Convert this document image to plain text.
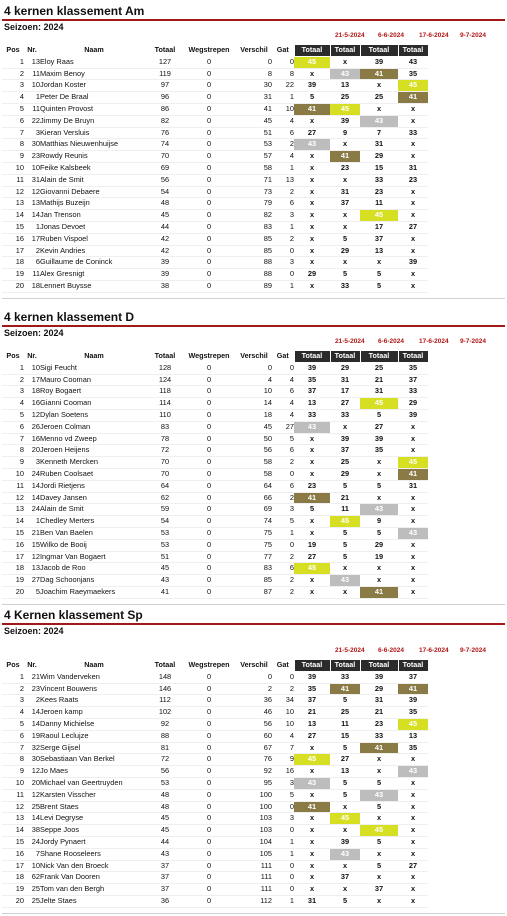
4 kernen klassement Am
Seizoen: 2024
21-5-2024 6-6-2024 17-6-2024 9-7-2024
Pos	Nr.	Naam	Totaal	Wegstrepen	Verschil	Gat	Totaal	Totaal	Totaal	Totaal
1	13	Eloy Raas	127	0	0	0	45	x	39	43
2	11	Maxim Benoy	119	0	8	8	x	43	41	35
3	10	Jordan Koster	97	0	30	22	39	13	x	45
4	1	Peter De Braal	96	0	31	1	5	25	25	41
5	11	Quinten Provost	86	0	41	10	41	45	x	x
6	22	Jimmy De Bruyn	82	0	45	4	x	39	43	x
7	3	Kieran Versluis	76	0	51	6	27	9	7	33
8	30	Matthias Nieuwenhuijse	74	0	53	2	43	x	31	x
9	23	Rowdy Reunis	70	0	57	4	x	41	29	x
10	10	Feike Kalsbeek	69	0	58	1	x	23	15	31
11	31	Alain de Smit	56	0	71	13	x	x	33	23
12	12	Giovanni Debaere	54	0	73	2	x	31	23	x
13	13	Mathijs Buzeijn	48	0	79	6	x	37	11	x
14	14	Jan Trenson	45	0	82	3	x	x	45	x
15	1	Jonas Devoet	44	0	83	1	x	x	17	27
16	17	Ruben Vispoel	42	0	85	2	x	5	37	x
17	2	Kevin Andries	42	0	85	0	x	29	13	x
18	6	Guillaume de Coninck	39	0	88	3	x	x	x	39
19	11	Alex Gresnigt	39	0	88	0	29	5	5	x
20	18	Lennert Buysse	38	0	89	1	x	33	5	x
4 kernen klassement D
Seizoen: 2024
21-5-2024 6-6-2024 17-6-2024 9-7-2024
Pos	Nr.	Naam	Totaal	Wegstrepen	Verschil	Gat	Totaal	Totaal	Totaal	Totaal
1	10	Sigi Feucht	128	0	0	0	39	29	25	35
2	17	Mauro Cooman	124	0	4	4	35	31	21	37
3	18	Roy Bogaert	118	0	10	6	37	17	31	33
4	16	Gianni Cooman	114	0	14	4	13	27	45	29
5	12	Dylan Soetens	110	0	18	4	33	33	5	39
6	26	Jeroen Colman	83	0	45	27	43	x	27	x
7	16	Menno vd Zweep	78	0	50	5	x	39	39	x
8	20	Jeroen Heijens	72	0	56	6	x	37	35	x
9	3	Kenneth Mercken	70	0	58	2	x	25	x	45
10	24	Ruben Coolsaet	70	0	58	0	x	29	x	41
11	14	Jordi Rietjens	64	0	64	6	23	5	5	31
12	14	Davey Jansen	62	0	66	2	41	21	x	x
13	24	Alain de Smit	59	0	69	3	5	11	43	x
14	1	Chedley Merters	54	0	74	5	x	45	9	x
15	21	Ben Van Baelen	53	0	75	1	x	5	5	43
16	15	Wilko de Booij	53	0	75	0	19	5	29	x
17	12	Ingmar Van Bogaert	51	0	77	2	27	5	19	x
18	13	Jacob de Roo	45	0	83	6	45	x	x	x
19	27	Dag Schoonjans	43	0	85	2	x	43	x	x
20	5	Joachim Raeymaekers	41	0	87	2	x	x	41	x
4 Kernen klassement Sp
Seizoen: 2024
21-5-2024 6-6-2024 17-6-2024 9-7-2024
Pos	Nr.	Naam	Totaal	Wegstrepen	Verschil	Gat	Totaal	Totaal	Totaal	Totaal
1	21	Wim Vanderveken	148	0	0	0	39	33	39	37
2	23	Vincent Bouwens	146	0	2	2	35	41	29	41
3	2	Kees Raats	112	0	36	34	37	5	31	39
4	14	Jeroen kamp	102	0	46	10	21	25	21	35
5	14	Danny Michielse	92	0	56	10	13	11	23	45
6	19	Raoul Leclujze	88	0	60	4	27	15	33	13
7	32	Serge Gijsel	81	0	67	7	x	5	41	35
8	30	Sebastiaan Van Berkel	72	0	76	9	45	27	x	x
9	12	Jo Maes	56	0	92	16	x	13	x	43
10	20	Michael van Geertruyden	53	0	95	3	43	5	5	x
11	12	Karsten Visscher	48	0	100	5	x	5	43	x
12	25	Brent Staes	48	0	100	0	41	x	5	x
13	14	Levi Degryse	45	0	103	3	x	45	x	x
14	38	Seppe Joos	45	0	103	0	x	x	45	x
15	24	Jordy Pynaert	44	0	104	1	x	39	5	x
16	7	Shane Rooseleers	43	0	105	1	x	43	x	x
17	10	Nick Van den Broeck	37	0	111	0	x	x	5	27
18	62	Frank Van Dooren	37	0	111	0	x	37	x	x
19	25	Tom van den Bergh	37	0	111	0	x	x	37	x
20	25	Jelte Staes	36	0	112	1	31	5	x	x
